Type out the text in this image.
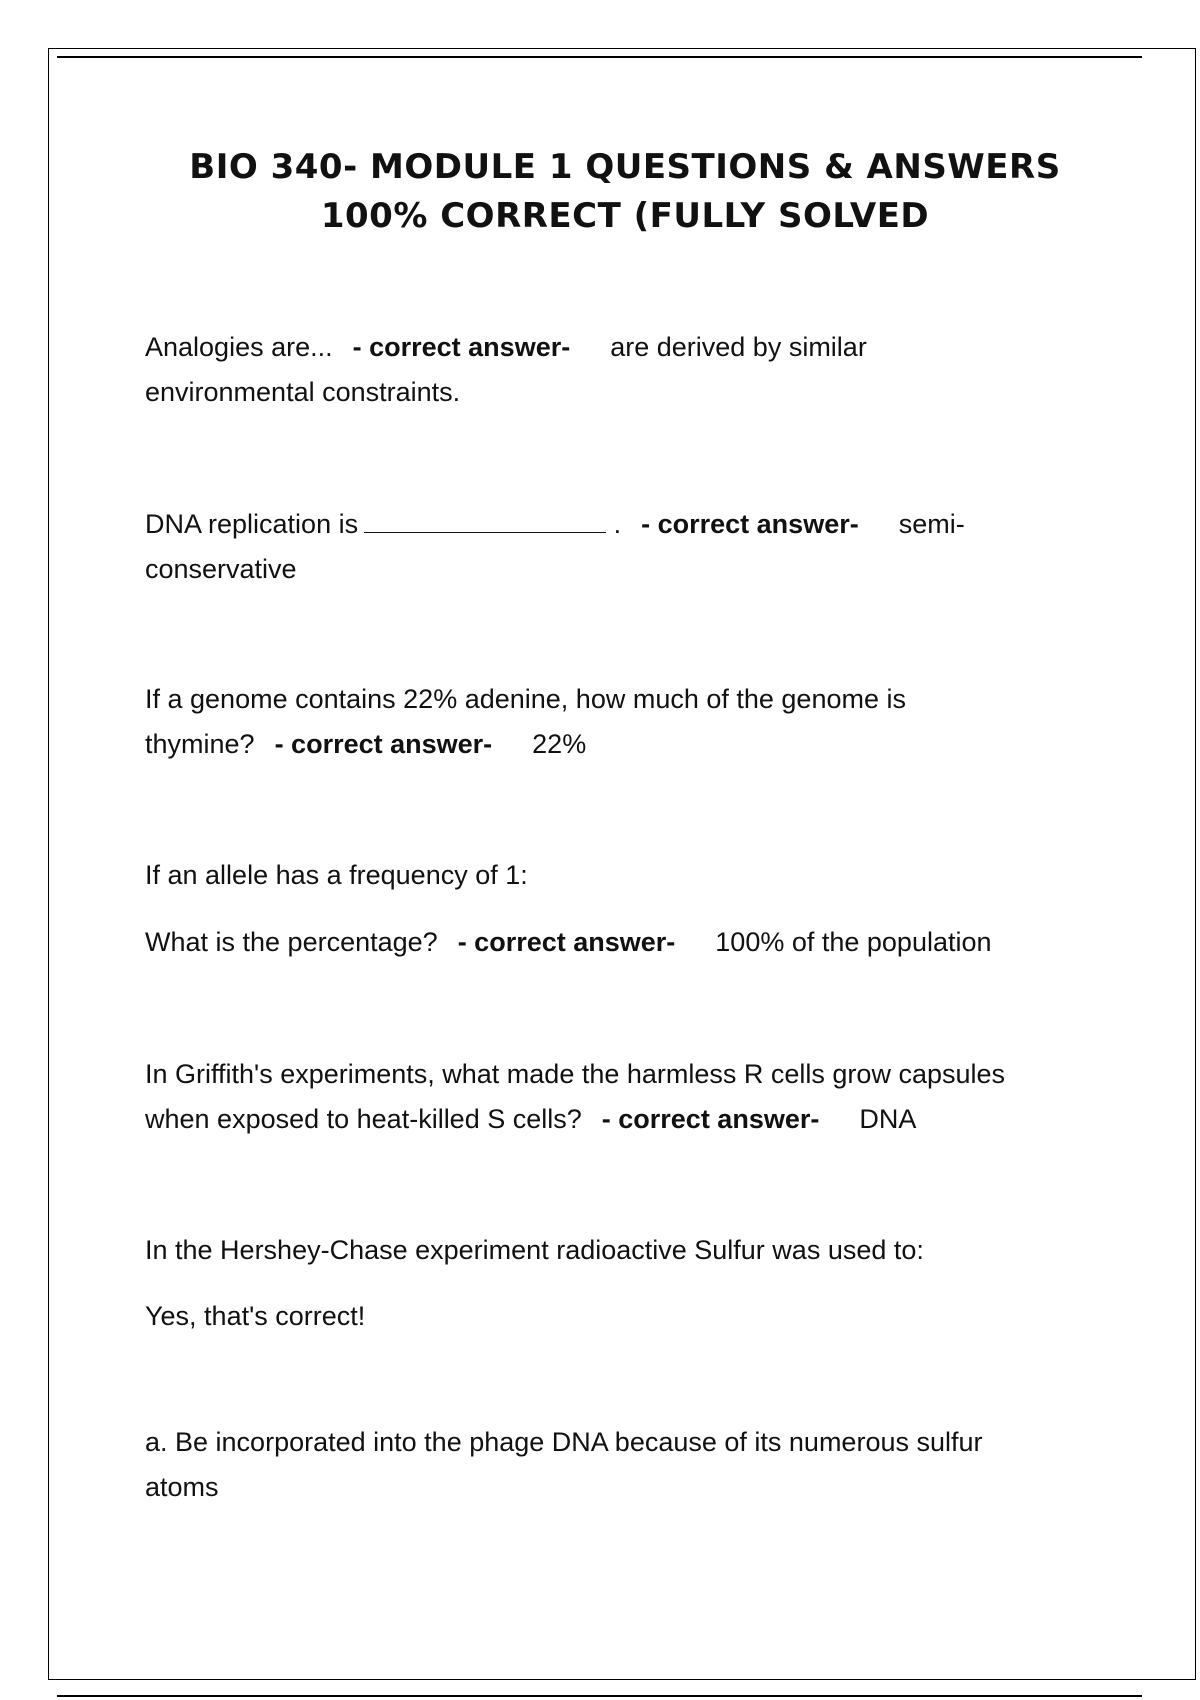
BIO 340- MODULE 1 QUESTIONS & ANSWERS
100% CORRECT (FULLY SOLVED

Analogies are... - correct answer- are derived by similar
environmental constraints.

DNA replication is	. - correct answer- semi-
conservative

If a genome contains 22% adenine, how much of the genome is
thymine? - correct answer- 22%

If an allele has a frequency of 1:

What is the percentage? - correct answer- 100% of the population

In Griffith's experiments, what made the harmless R cells grow capsules
when exposed to heat-killed S cells? - correct answer- DNA

In the Hershey-Chase experiment radioactive Sulfur was used to:

Yes, that's correct!

a. Be incorporated into the phage DNA because of its numerous sulfur
atoms
